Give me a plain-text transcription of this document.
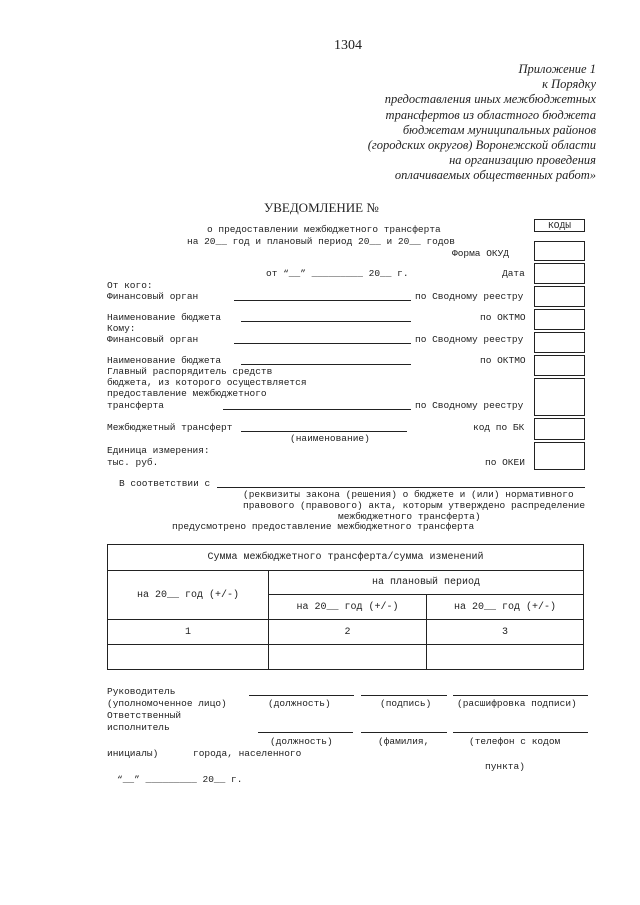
1304
Приложение 1
к Порядку
предоставления иных межбюджетных
трансфертов из областного бюджета
бюджетам муниципальных районов
(городских округов) Воронежской области
на организацию проведения
оплачиваемых общественных работ»
УВЕДОМЛЕНИЕ №
о предоставлении межбюджетного трансферта
на 20__ год и плановый период 20__ и 20__ годов
КОДЫ
Форма ОКУД
от “__” _________ 20__ г.	Дата
От кого:
Финансовый орган	по Сводному реестру
Наименование бюджета	по ОКТМО
Кому:
Финансовый орган	по Сводному реестру
Наименование бюджета	по ОКТМО
Главный распорядитель средств
бюджета, из которого осуществляется
предоставление межбюджетного
трансферта	по Сводному реестру
Межбюджетный трансферт	код по БК
(наименование)
Единица измерения:
тыс. руб.	по ОКЕИ
В соответствии с
(реквизиты закона (решения) о бюджете и (или) нормативного
правового (правового) акта, которым утверждено распределение
межбюджетного трансферта)
предусмотрено предоставление межбюджетного трансферта
Сумма межбюджетного трансферта/сумма изменений		
на 20__ год (+/-)	на плановый период	
	на 20__ год (+/-)	на 20__ год (+/-)
1	2	3

Руководитель
(уполномоченное лицо)	(должность)	(подпись)	(расшифровка подписи)
Ответственный
исполнитель
(должность)	(фамилия,	(телефон с кодом
инициалы)	города, населенного
пункта)
“__” _________ 20__ г.
